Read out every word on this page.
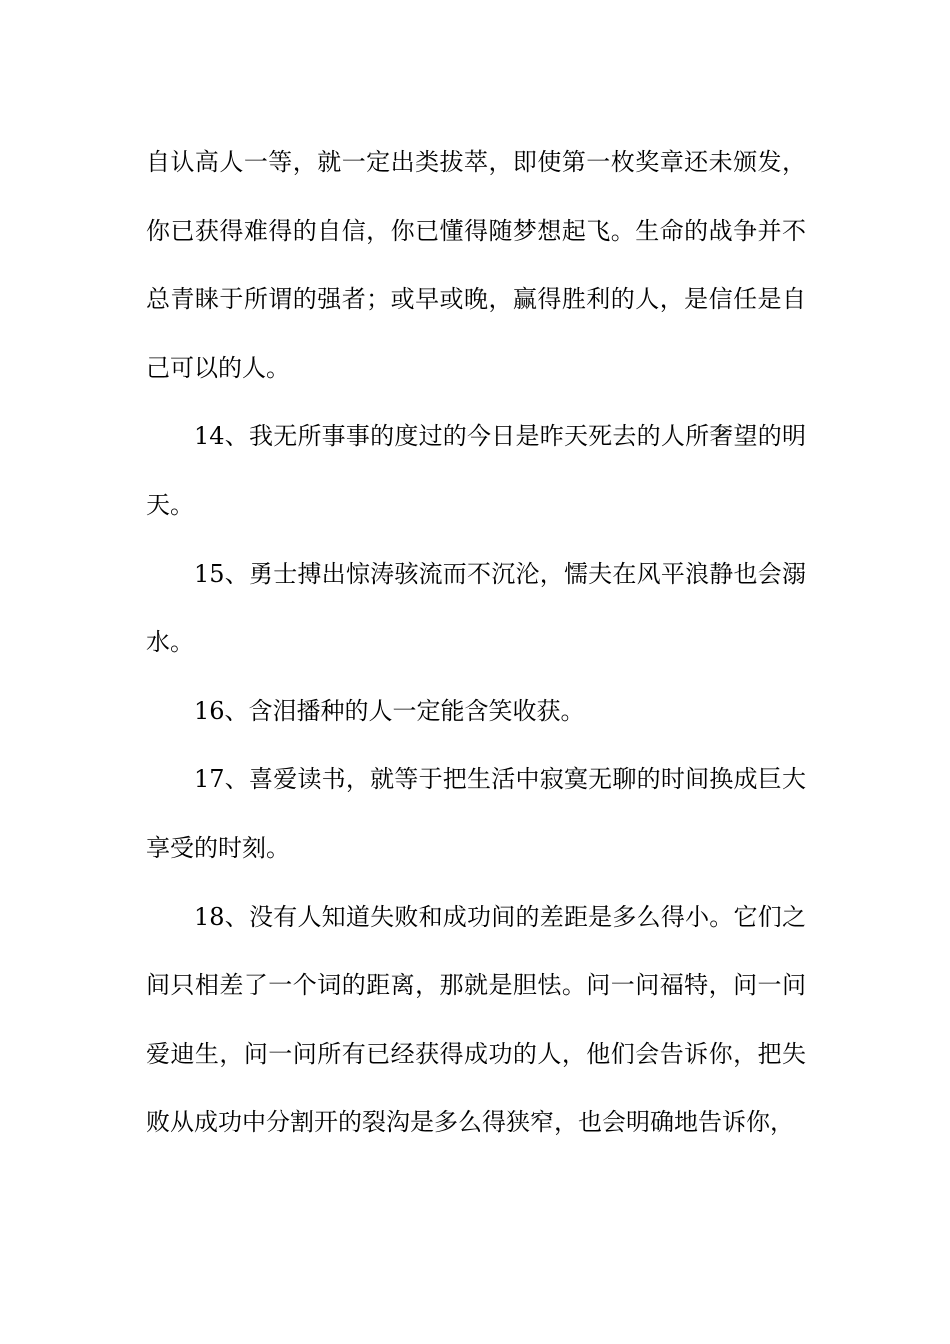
自认高人一等，就一定出类拔萃，即使第一枚奖章还未颁发，你已获得难得的自信，你已懂得随梦想起飞。生命的战争并不总青睐于所谓的强者；或早或晚，赢得胜利的人，是信任是自己可以的人。

14、我无所事事的度过的今日是昨天死去的人所奢望的明天。

15、勇士搏出惊涛骇流而不沉沦，懦夫在风平浪静也会溺水。

16、含泪播种的人一定能含笑收获。

17、喜爱读书，就等于把生活中寂寞无聊的时间换成巨大享受的时刻。

18、没有人知道失败和成功间的差距是多么得小。它们之间只相差了一个词的距离，那就是胆怯。问一问福特，问一问爱迪生，问一问所有已经获得成功的人，他们会告诉你，把失败从成功中分割开的裂沟是多么得狭窄，也会明确地告诉你，
